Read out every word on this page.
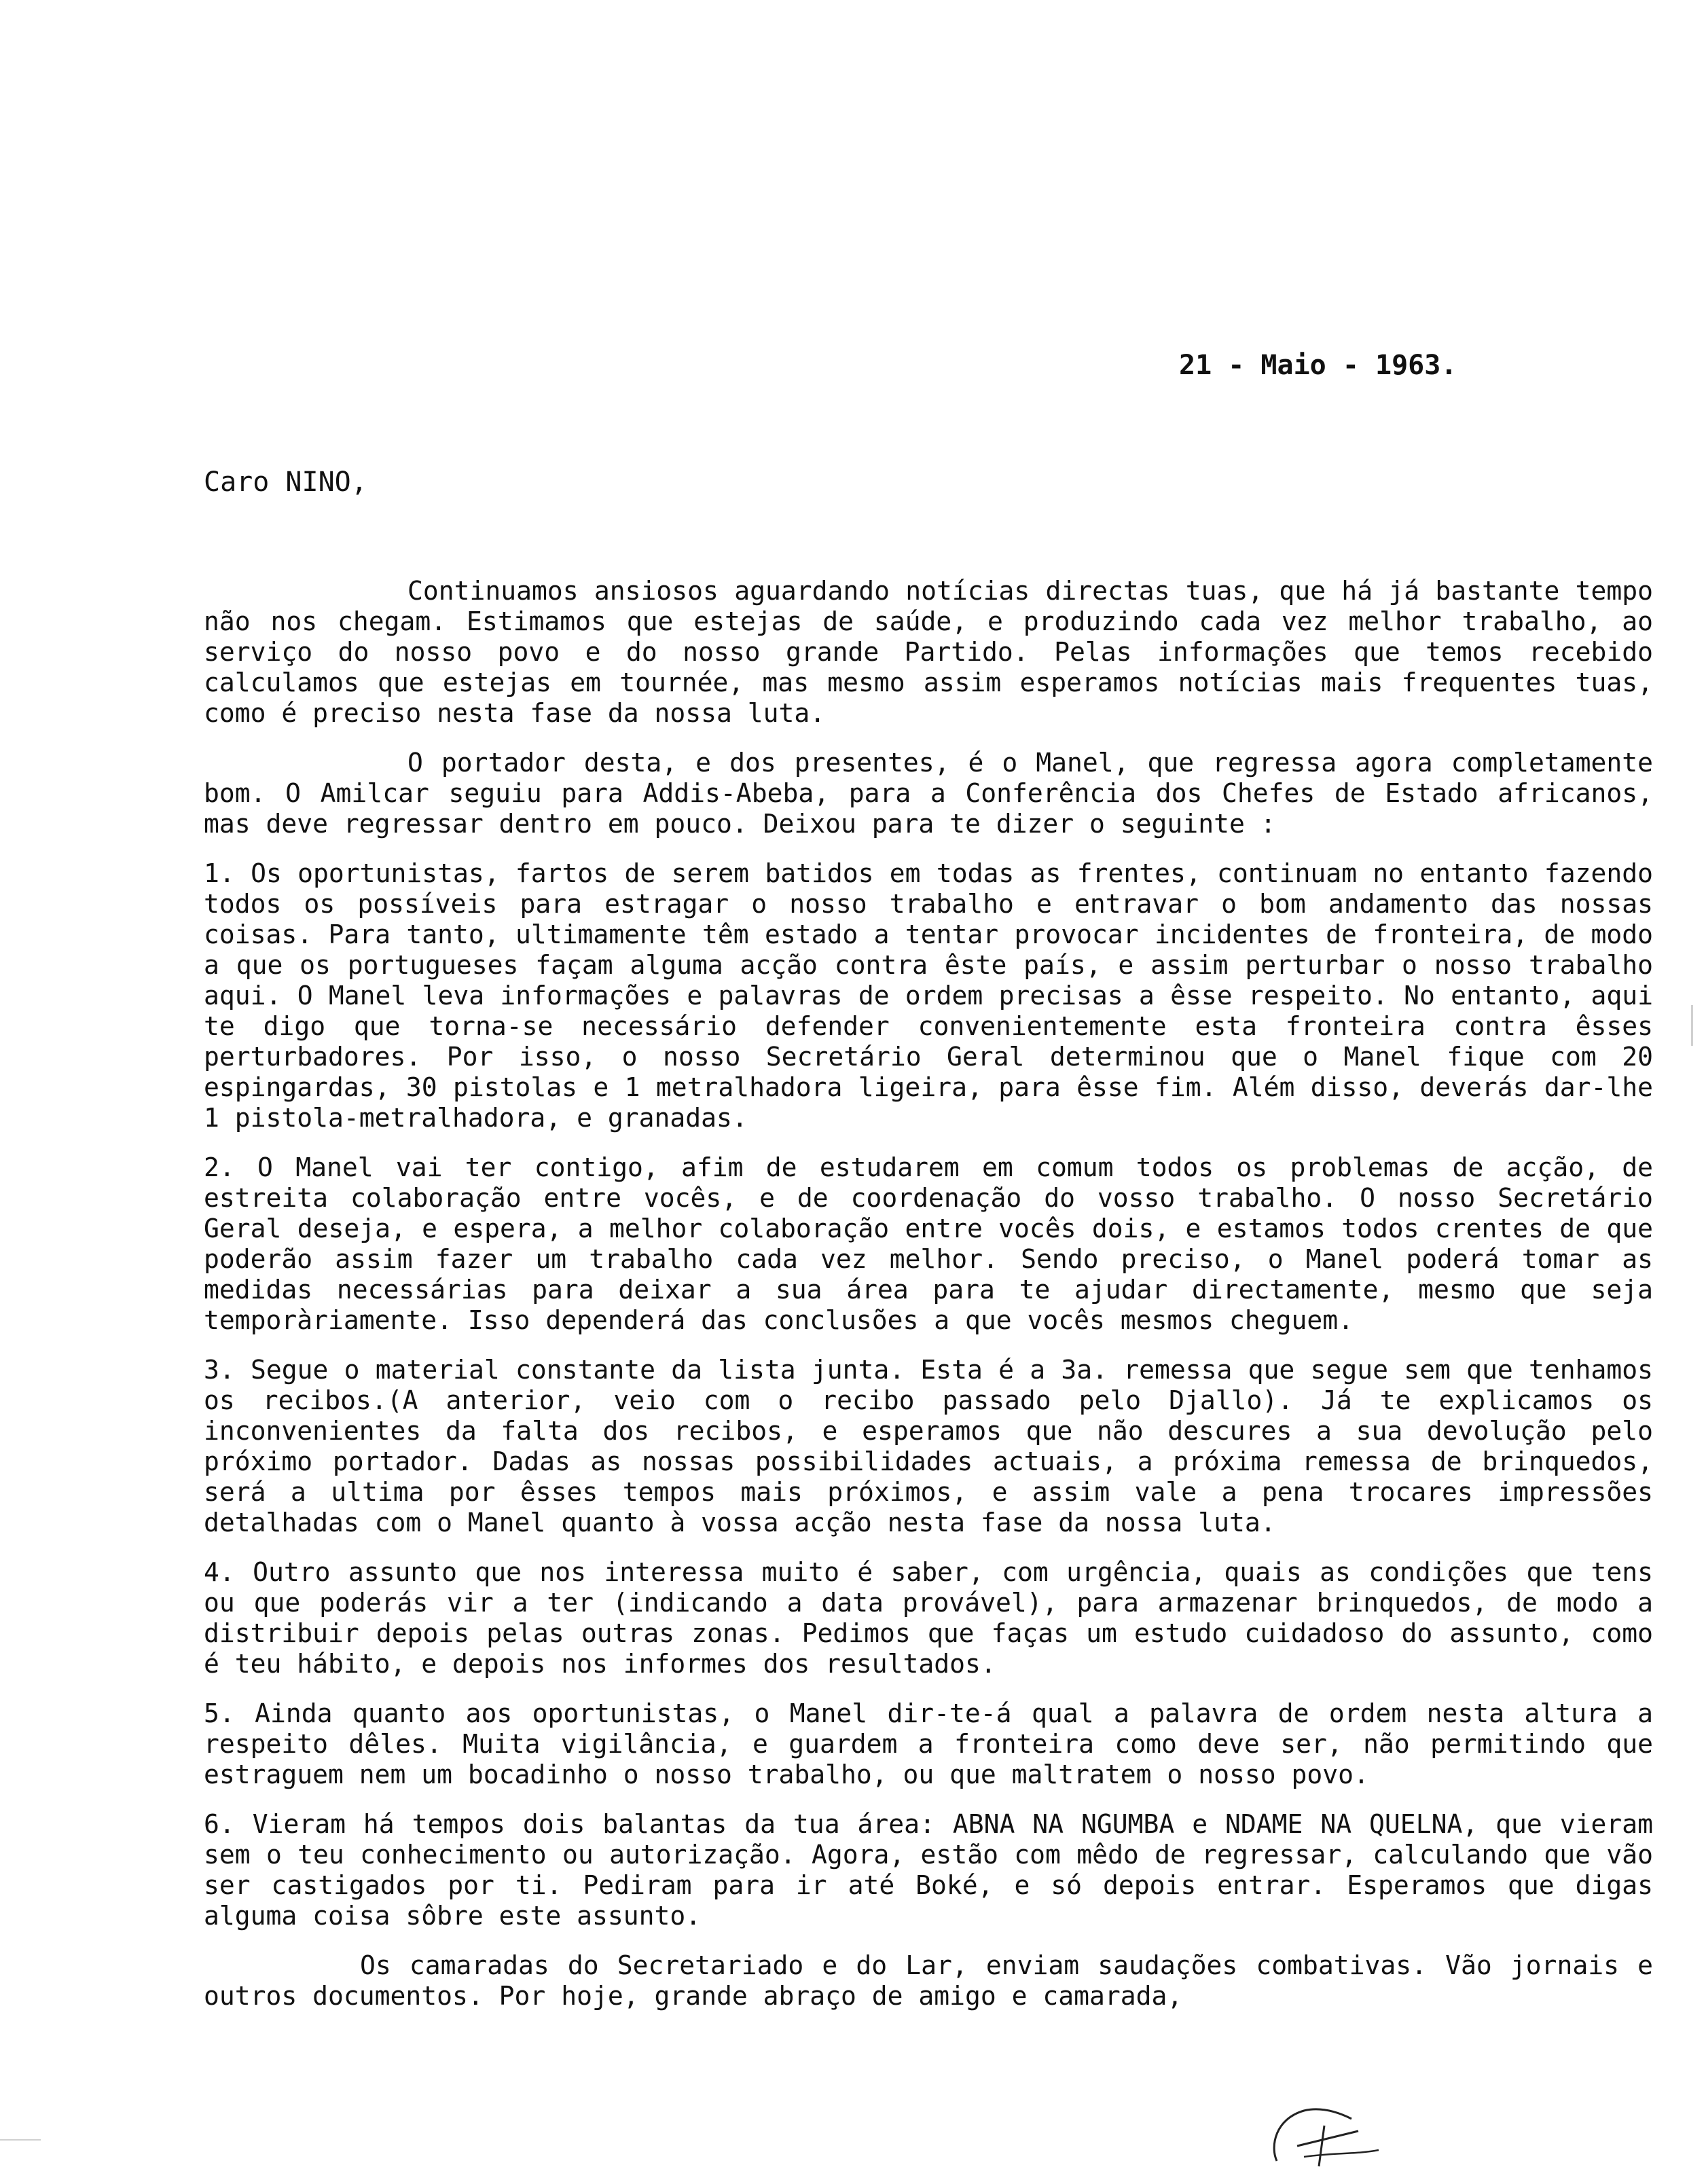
21 - Maio - 1963.
Caro NINO,

Continuamos ansiosos aguardando notícias directas tuas, que há já bastante tempo não nos chegam. Estimamos que estejas de saúde, e produzindo cada vez melhor trabalho, ao serviço do nosso povo e do nosso grande Partido. Pelas informações que temos recebido calculamos que estejas em tournée, mas mesmo assim esperamos notícias mais frequentes tuas, como é preciso nesta fase da nossa luta.

O portador desta, e dos presentes, é o Manel, que regressa agora completamente bom. O Amilcar seguiu para Addis-Abeba, para a Conferência dos Chefes de Estado africanos, mas deve regressar dentro em pouco. Deixou para te dizer o seguinte :

1. Os oportunistas, fartos de serem batidos em todas as frentes, continuam no entanto fazendo todos os possíveis para estragar o nosso trabalho e entravar o bom andamento das nossas coisas. Para tanto, ultimamente têm estado a tentar provocar incidentes de fronteira, de modo a que os portugueses façam alguma acção contra êste país, e assim perturbar o nosso trabalho aqui. O Manel leva informações e palavras de ordem precisas a êsse respeito. No entanto, aqui te digo que torna-se necessário defender convenientemente esta fronteira contra êsses perturbadores. Por isso, o nosso Secretário Geral determinou que o Manel fique com 20 espingardas, 30 pistolas e 1 metralhadora ligeira, para êsse fim. Além disso, deverás dar-lhe 1 pistola-metralhadora, e granadas.

2. O Manel vai ter contigo, afim de estudarem em comum todos os problemas de acção, de estreita colaboração entre vocês, e de coordenação do vosso trabalho. O nosso Secretário Geral deseja, e espera, a melhor colaboração entre vocês dois, e estamos todos crentes de que poderão assim fazer um trabalho cada vez melhor. Sendo preciso, o Manel poderá tomar as medidas necessárias para deixar a sua área para te ajudar directamente, mesmo que seja temporàriamente. Isso dependerá das conclusões a que vocês mesmos cheguem.

3. Segue o material constante da lista junta. Esta é a 3a. remessa que segue sem que tenhamos os recibos.(A anterior, veio com o recibo passado pelo Djallo). Já te explicamos os inconvenientes da falta dos recibos, e esperamos que não descures a sua devolução pelo próximo portador. Dadas as nossas possibilidades actuais, a próxima remessa de brinquedos, será a ultima por êsses tempos mais próximos, e assim vale a pena trocares impressões detalhadas com o Manel quanto à vossa acção nesta fase da nossa luta.

4. Outro assunto que nos interessa muito é saber, com urgência, quais as condições que tens ou que poderás vir a ter (indicando a data provável), para armazenar brinquedos, de modo a distribuir depois pelas outras zonas. Pedimos que faças um estudo cuidadoso do assunto, como é teu hábito, e depois nos informes dos resultados.

5. Ainda quanto aos oportunistas, o Manel dir-te-á qual a palavra de ordem nesta altura a respeito dêles. Muita vigilância, e guardem a fronteira como deve ser, não permitindo que estraguem nem um bocadinho o nosso trabalho, ou que maltratem o nosso povo.

6. Vieram há tempos dois balantas da tua área: ABNA NA NGUMBA e NDAME NA QUELNA, que vieram sem o teu conhecimento ou autorização. Agora, estão com mêdo de regressar, calculando que vão ser castigados por ti. Pediram para ir até Boké, e só depois entrar. Esperamos que digas alguma coisa sôbre este assunto.

Os camaradas do Secretariado e do Lar, enviam saudações combativas. Vão jornais e outros documentos. Por hoje, grande abraço de amigo e camarada,
